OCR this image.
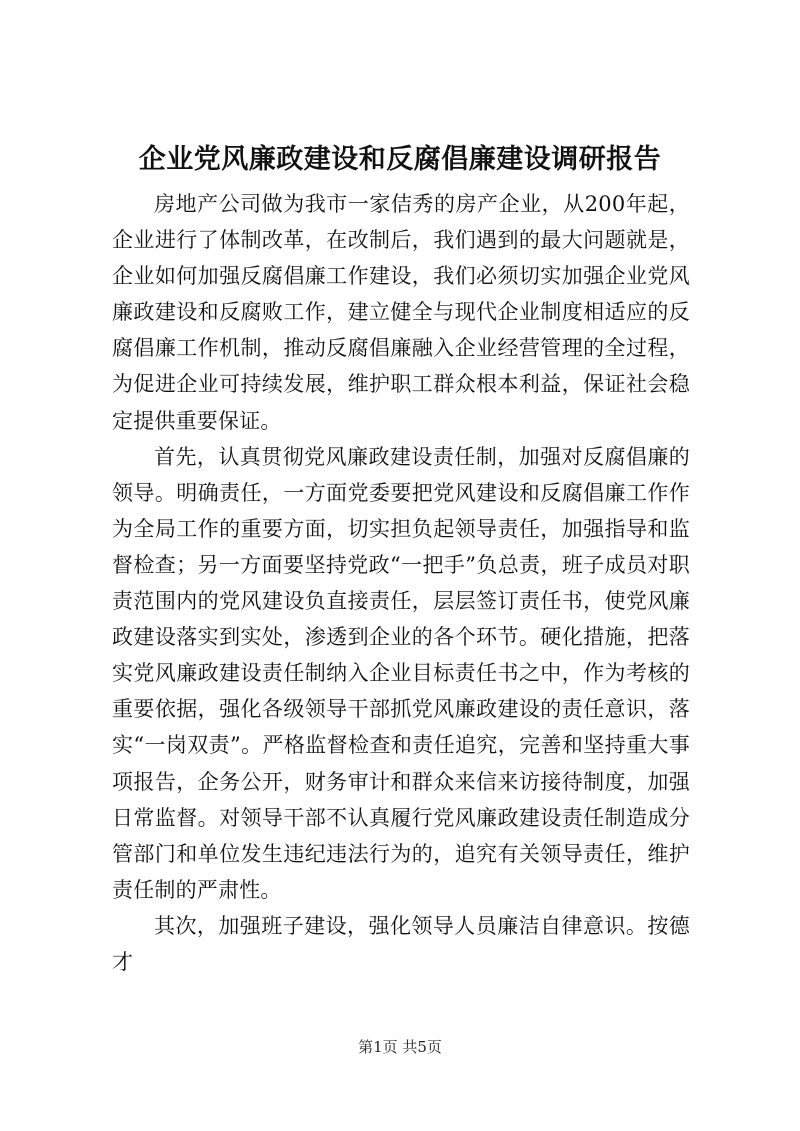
企业党风廉政建设和反腐倡廉建设调研报告

房地产公司做为我市一家佶秀的房产企业，从200年起，企业进行了体制改革，在改制后，我们遇到的最大问题就是，企业如何加强反腐倡廉工作建设，我们必须切实加强企业党风廉政建设和反腐败工作，建立健全与现代企业制度相适应的反腐倡廉工作机制，推动反腐倡廉融入企业经营管理的全过程，为促进企业可持续发展，维护职工群众根本利益，保证社会稳定提供重要保证。

首先，认真贯彻党风廉政建设责任制，加强对反腐倡廉的领导。明确责任，一方面党委要把党风建设和反腐倡廉工作作为全局工作的重要方面，切实担负起领导责任，加强指导和监督检查；另一方面要坚持党政“一把手”负总责，班子成员对职责范围内的党风建设负直接责任，层层签订责任书，使党风廉政建设落实到实处，渗透到企业的各个环节。硬化措施，把落实党风廉政建设责任制纳入企业目标责任书之中，作为考核的重要依据，强化各级领导干部抓党风廉政建设的责任意识，落实“一岗双责”。严格监督检查和责任追究，完善和坚持重大事项报告，企务公开，财务审计和群众来信来访接待制度，加强日常监督。对领导干部不认真履行党风廉政建设责任制造成分管部门和单位发生违纪违法行为的，追究有关领导责任，维护责任制的严肃性。

其次，加强班子建设，强化领导人员廉洁自律意识。按德才

第1页 共5页
